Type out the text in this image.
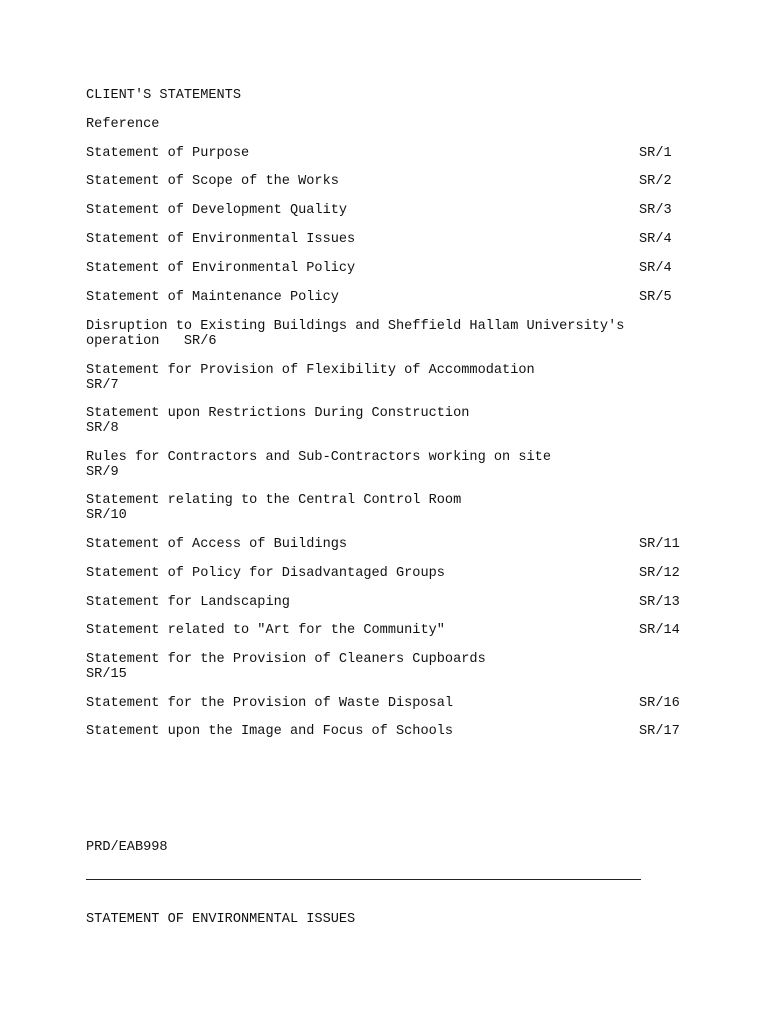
CLIENT'S STATEMENTS
Reference
Statement of Purpose	SR/1
Statement of Scope of the Works	SR/2
Statement of Development Quality	SR/3
Statement of Environmental Issues	SR/4
Statement of Environmental Policy	SR/4
Statement of Maintenance Policy	SR/5
Disruption to Existing Buildings and Sheffield Hallam University's
operation   SR/6
Statement for Provision of Flexibility of Accommodation
SR/7
Statement upon Restrictions During Construction
SR/8
Rules for Contractors and Sub-Contractors working on site
SR/9
Statement relating to the Central Control Room
SR/10
Statement of Access of Buildings	SR/11
Statement of Policy for Disadvantaged Groups	SR/12
Statement for Landscaping	SR/13
Statement related to "Art for the Community"	SR/14
Statement for the Provision of Cleaners Cupboards
SR/15
Statement for the Provision of Waste Disposal	SR/16
Statement upon the Image and Focus of Schools	SR/17
PRD/EAB998
STATEMENT OF ENVIRONMENTAL ISSUES
